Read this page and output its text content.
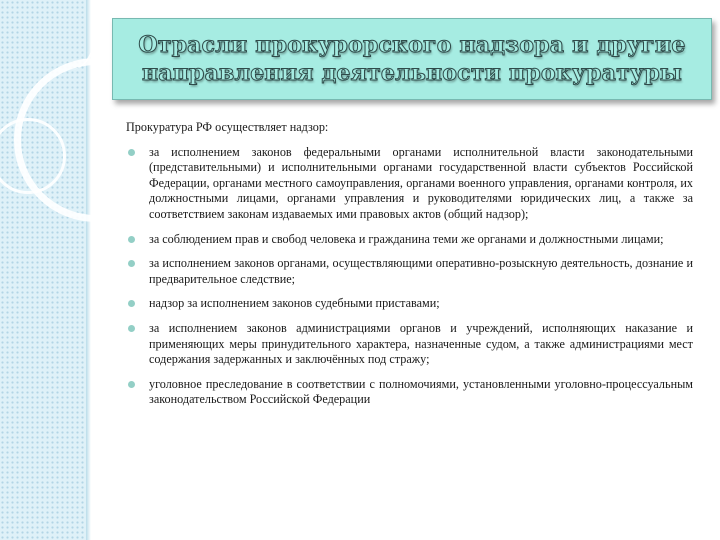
Отрасли прокурорского надзора и другие
направления деятельности прокуратуры

Прокуратура РФ осуществляет надзор:

за исполнением законов федеральными органами исполнительной власти законодательными (представительными) и исполнительными органами государственной власти субъектов Российской Федерации, органами местного самоуправления, органами военного управления, органами контроля, их должностными лицами, органами управления и руководителями юридических лиц, а также за соответствием законам издаваемых ими правовых актов (общий надзор);
за соблюдением прав и свобод человека и гражданина теми же органами и должностными лицами;
за исполнением законов органами, осуществляющими оперативно-розыскную деятельность, дознание и предварительное следствие;
надзор за исполнением законов судебными приставами;
за исполнением законов администрациями органов и учреждений, исполняющих наказание и применяющих меры принудительного характера, назначенные судом, а также администрациями мест содержания задержанных и заключённых под стражу;
уголовное преследование в соответствии с полномочиями, установленными уголовно-процессуальным законодательством Российской Федерации
